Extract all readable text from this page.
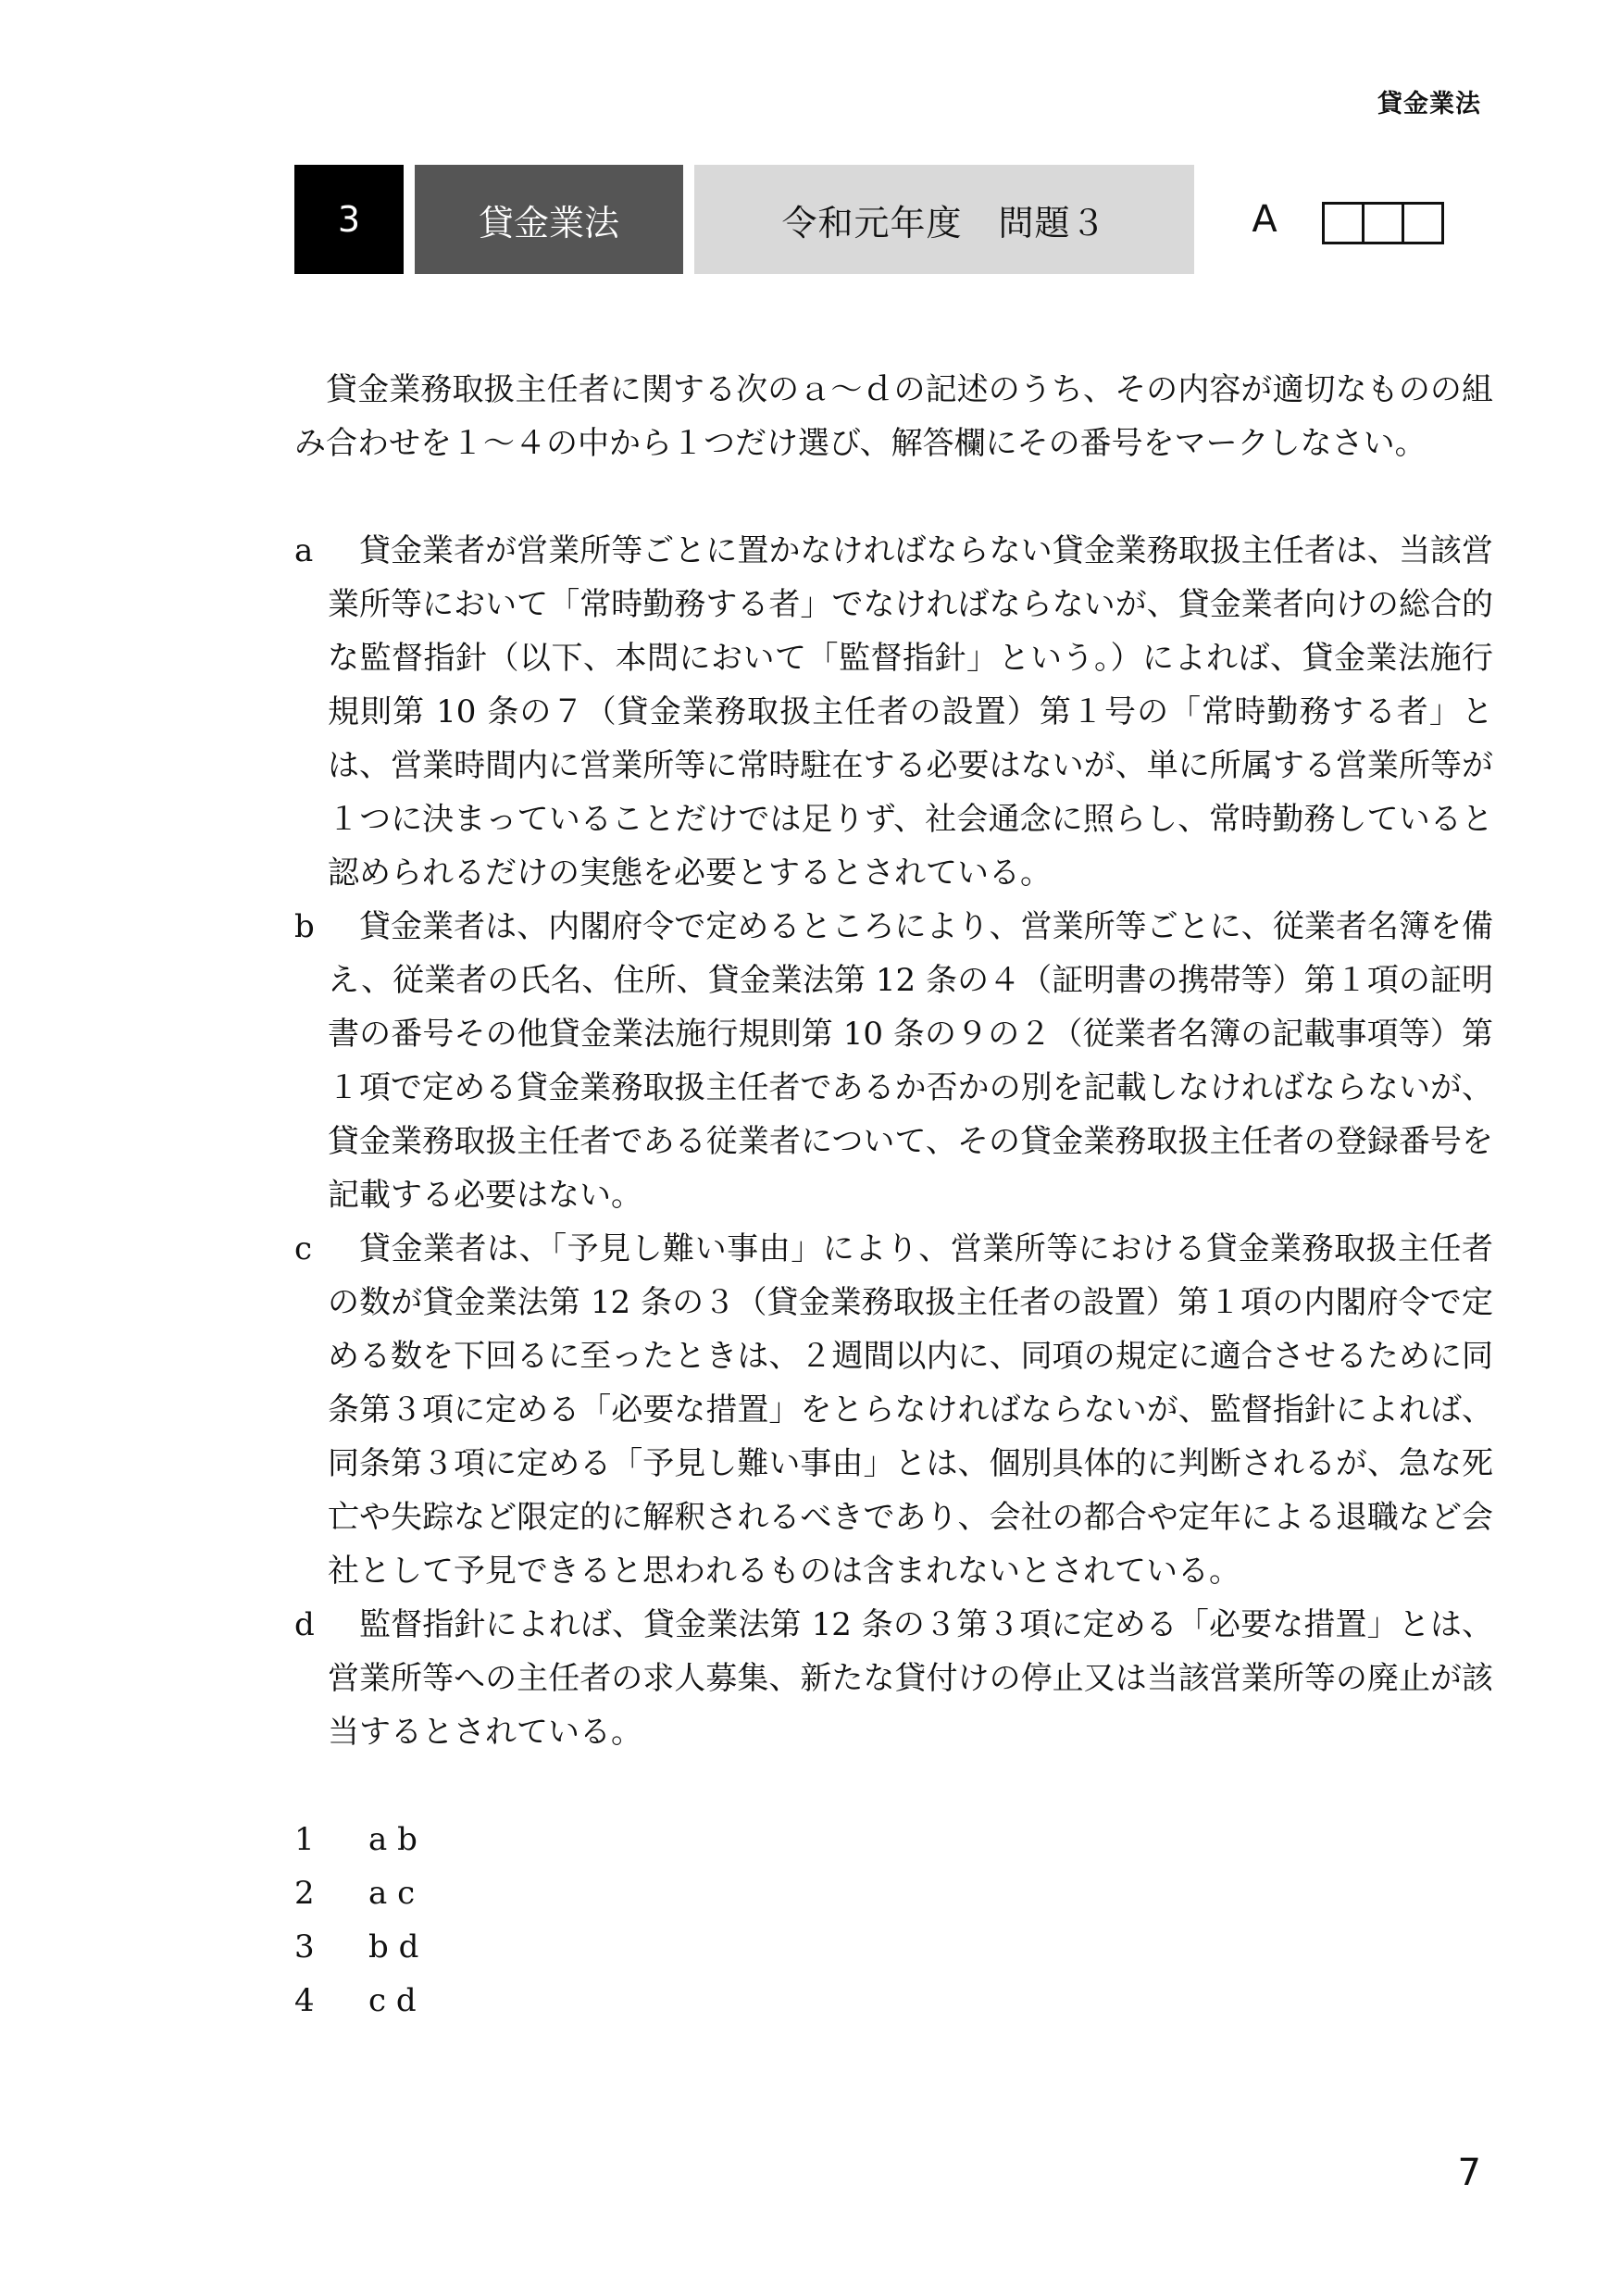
貸金業法
3	貸金業法	令和元年度　問題３	A

貸金業務取扱主任者に関する次のａ～ｄの記述のうち、その内容が適切なものの組み合わせを１～４の中から１つだけ選び、解答欄にその番号をマークしなさい。

a	貸金業者が営業所等ごとに置かなければならない貸金業務取扱主任者は、当該営業所等において「常時勤務する者」でなければならないが、貸金業者向けの総合的な監督指針（以下、本問において「監督指針」という。）によれば、貸金業法施行規則第 10 条の７（貸金業務取扱主任者の設置）第１号の「常時勤務する者」とは、営業時間内に営業所等に常時駐在する必要はないが、単に所属する営業所等が１つに決まっていることだけでは足りず、社会通念に照らし、常時勤務していると認められるだけの実態を必要とするとされている。
b	貸金業者は、内閣府令で定めるところにより、営業所等ごとに、従業者名簿を備え、従業者の氏名、住所、貸金業法第 12 条の４（証明書の携帯等）第１項の証明書の番号その他貸金業法施行規則第 10 条の９の２（従業者名簿の記載事項等）第１項で定める貸金業務取扱主任者であるか否かの別を記載しなければならないが、貸金業務取扱主任者である従業者について、その貸金業務取扱主任者の登録番号を記載する必要はない。
c	貸金業者は、「予見し難い事由」により、営業所等における貸金業務取扱主任者の数が貸金業法第 12 条の３（貸金業務取扱主任者の設置）第１項の内閣府令で定める数を下回るに至ったときは、２週間以内に、同項の規定に適合させるために同条第３項に定める「必要な措置」をとらなければならないが、監督指針によれば、同条第３項に定める「予見し難い事由」とは、個別具体的に判断されるが、急な死亡や失踪など限定的に解釈されるべきであり、会社の都合や定年による退職など会社として予見できると思われるものは含まれないとされている。
d	監督指針によれば、貸金業法第 12 条の３第３項に定める「必要な措置」とは、営業所等への主任者の求人募集、新たな貸付けの停止又は当該営業所等の廃止が該当するとされている。
1	a b
2	a c
3	b d
4	c d
7
